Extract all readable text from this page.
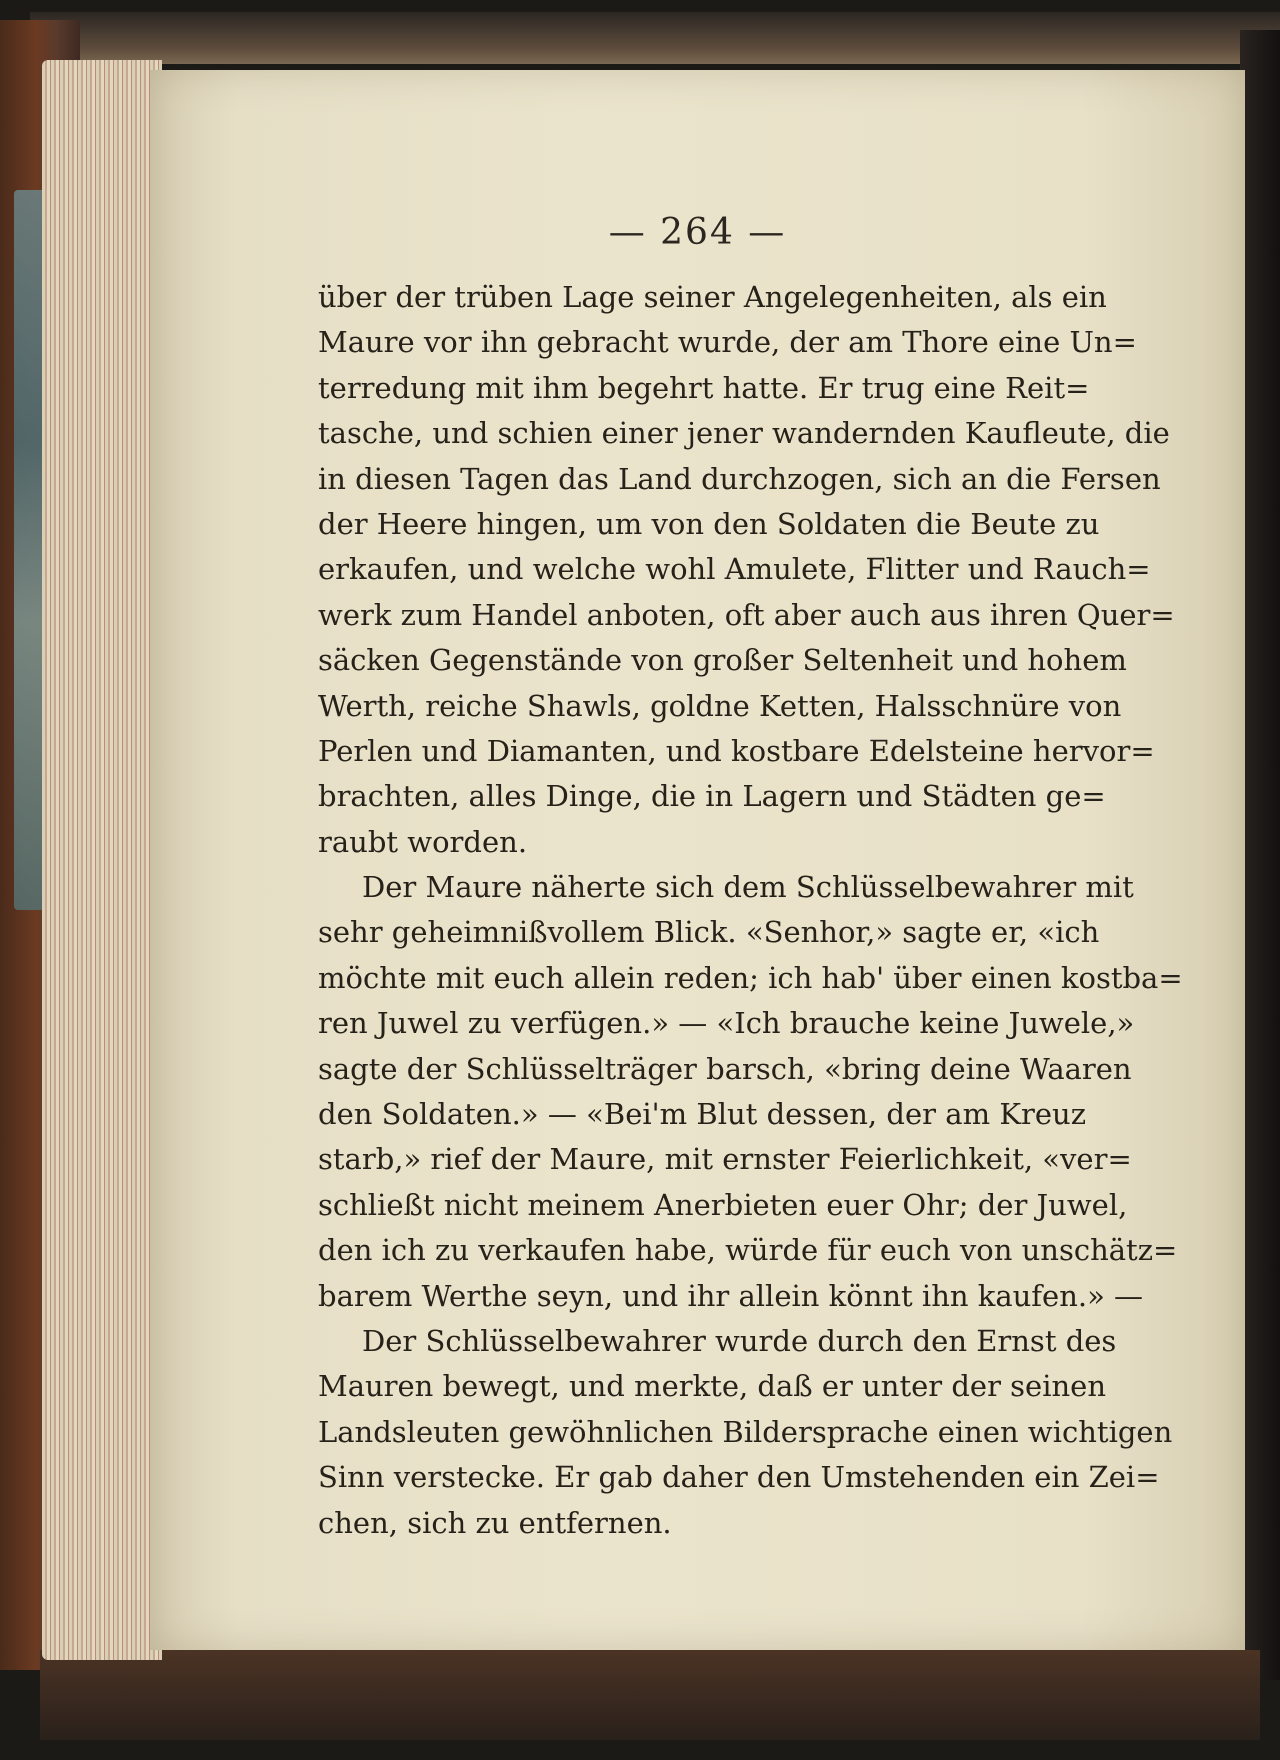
— 264 —
über der trüben Lage seiner Angelegenheiten, als ein
Maure vor ihn gebracht wurde, der am Thore eine Un=
terredung mit ihm begehrt hatte. Er trug eine Reit=
tasche, und schien einer jener wandernden Kaufleute, die
in diesen Tagen das Land durchzogen, sich an die Fersen
der Heere hingen, um von den Soldaten die Beute zu
erkaufen, und welche wohl Amulete, Flitter und Rauch=
werk zum Handel anboten, oft aber auch aus ihren Quer=
säcken Gegenstände von großer Seltenheit und hohem
Werth, reiche Shawls, goldne Ketten, Halsschnüre von
Perlen und Diamanten, und kostbare Edelsteine hervor=
brachten, alles Dinge, die in Lagern und Städten ge=
raubt worden.
Der Maure näherte sich dem Schlüsselbewahrer mit
sehr geheimnißvollem Blick. «Senhor,» sagte er, «ich
möchte mit euch allein reden; ich hab' über einen kostba=
ren Juwel zu verfügen.» — «Ich brauche keine Juwele,»
sagte der Schlüsselträger barsch, «bring deine Waaren
den Soldaten.» — «Bei'm Blut dessen, der am Kreuz
starb,» rief der Maure, mit ernster Feierlichkeit, «ver=
schließt nicht meinem Anerbieten euer Ohr; der Juwel,
den ich zu verkaufen habe, würde für euch von unschätz=
barem Werthe seyn, und ihr allein könnt ihn kaufen.» —
Der Schlüsselbewahrer wurde durch den Ernst des
Mauren bewegt, und merkte, daß er unter der seinen
Landsleuten gewöhnlichen Bildersprache einen wichtigen
Sinn verstecke. Er gab daher den Umstehenden ein Zei=
chen, sich zu entfernen.
